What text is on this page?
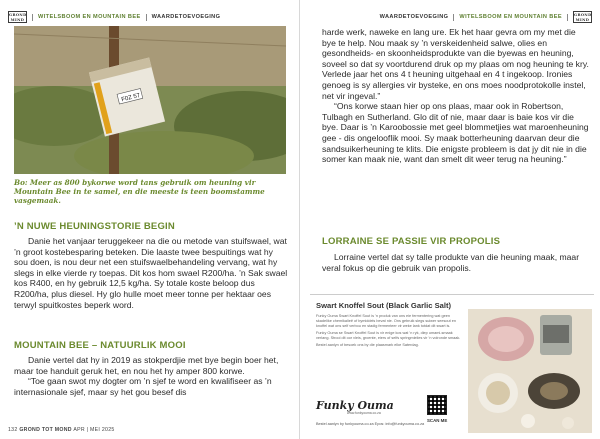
GROND
MIND WITELSBOOM EN MOUNTAIN BEE WAARDETOEVOEGING
F0Z 57
Bo: Meer as 800 bykorwe word tans gebruik om heuning vir Mountain Bee in te samel, en die meeste is teen boomstamme vasgemaak.
’N NUWE HEUNINGSTORIE BEGIN

Danie het vanjaar teruggekeer na die ou metode van stuifswael, wat ’n groot kostebesparing beteken. Die laaste twee bespuitings wat hy sou doen, is nou deur net een stuifswaelbehandeling vervang, wat hy slegs in elke vierde ry toepas. Dit kos hom swael R200/ha. ’n Sak swael kos R400, en hy gebruik 12,5 kg/ha. Sy totale koste beloop dus R200/ha, plus diesel. Hy glo hulle moet meer tonne per hektaar oes terwyl spuitkostes beperk word.

MOUNTAIN BEE – NATUURLIK MOOI

Danie vertel dat hy in 2019 as stokperdjie met bye begin boer het, maar toe handuit geruk het, en nou het hy amper 800 korwe.

“Toe gaan swot my dogter om ’n sjef te word en kwalifiseer as ’n internasionale sjef, maar sy het gou besef dis

132 GROND TOT MOND APR | MEI 2025
WAARDETOEVOEGING WITELSBOOM EN MOUNTAIN BEE	GROND
MIND

harde werk, naweke en lang ure. Ek het haar gevra om my met die bye te help. Nou maak sy ’n verskeidenheid salwe, olies en gesondheids- en skoonheidsprodukte van die byewas en heuning, soveel so dat sy voortdurend druk op my plaas om nog heuning te kry. Verlede jaar het ons 4 t heuning uitgehaal en 4 t ingekoop. Ironies genoeg is sy allergies vir bysteke, en ons moes noodprotokolle instel, net vir ingeval.”

“Ons korwe staan hier op ons plaas, maar ook in Robertson, Tulbagh en Sutherland. Glo dit of nie, maar daar is baie kos vir die bye. Daar is ’n Karoobossie met geel blommetjies wat maroenheuning gee - dis ongelooflik mooi. Sy maak botterheuning daarvan deur die sandsuikerheuning te klits. Die enigste probleem is dat jy dit nie in die somer kan maak nie, want dan smelt dit weer terug na heuning.”

LORRAINE SE PASSIE VIR PROPOLIS

Lorraine vertel dat sy talle produkte van die heuning maak, maar veral fokus op die gebruik van propolis.

Swart Knoffel Sout (Black Garlic Salt)

Funky Ouma Swart Knoffel Sout is ’n produk van ons eie fermentering wat geen skadelike chemikalieë of bymiddels bevat nie. Ons gebruik slegs suiwer seesout en knoffel wat ons self verbou en stadig fermenteer vir weke lank totdat dit swart is.

Funky Ouma se Swart Knoffel Sout is vir enige kos wat ’n ryk, diep umami-smaak verlang. Strooi dit oor vleis, groente, eiers of selfs springmielies vir ’n volronde smaak.

Bestel aanlyn of besoek ons by die plaasmark elke Saterdag.

Funky Ouma
Bestel aanlyn by funkyouma.co.za Epos: info@funkyouma.co.za
www.funkyouma.co.za
SCAN ME
